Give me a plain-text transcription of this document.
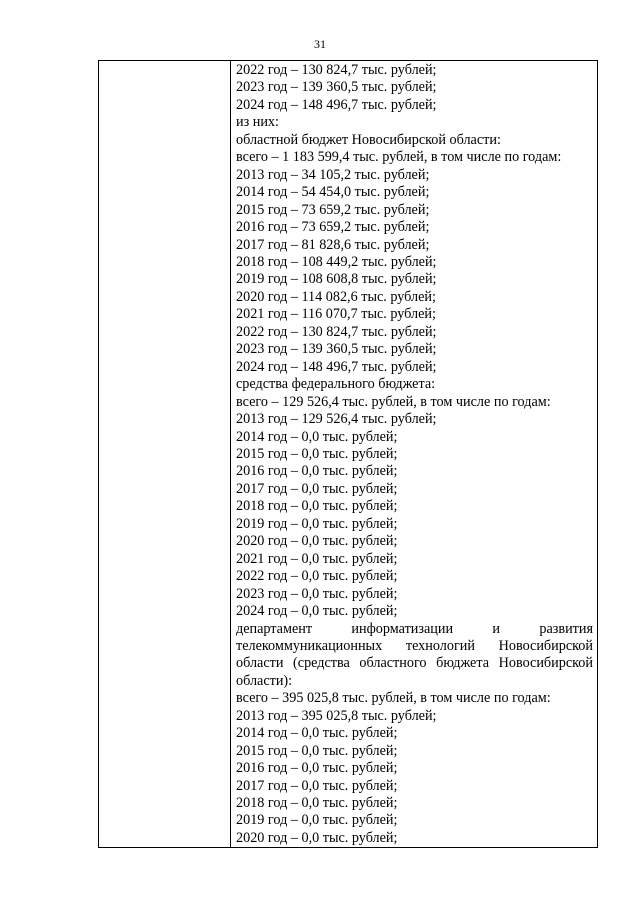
31

2022 год – 130 824,7 тыс. рублей;
2023 год – 139 360,5 тыс. рублей;
2024 год – 148 496,7 тыс. рублей;
из них:
областной бюджет Новосибирской области:
всего – 1 183 599,4 тыс. рублей, в том числе по годам:
2013 год – 34 105,2 тыс. рублей;
2014 год – 54 454,0 тыс. рублей;
2015 год – 73 659,2 тыс. рублей;
2016 год – 73 659,2 тыс. рублей;
2017 год – 81 828,6 тыс. рублей;
2018 год – 108 449,2 тыс. рублей;
2019 год – 108 608,8 тыс. рублей;
2020 год – 114 082,6 тыс. рублей;
2021 год – 116 070,7 тыс. рублей;
2022 год – 130 824,7 тыс. рублей;
2023 год – 139 360,5 тыс. рублей;
2024 год – 148 496,7 тыс. рублей;
средства федерального бюджета:
всего – 129 526,4 тыс. рублей, в том числе по годам:
2013 год – 129 526,4 тыс. рублей;
2014 год – 0,0 тыс. рублей;
2015 год – 0,0 тыс. рублей;
2016 год – 0,0 тыс. рублей;
2017 год – 0,0 тыс. рублей;
2018 год – 0,0 тыс. рублей;
2019 год – 0,0 тыс. рублей;
2020 год – 0,0 тыс. рублей;
2021 год – 0,0 тыс. рублей;
2022 год – 0,0 тыс. рублей;
2023 год – 0,0 тыс. рублей;
2024 год – 0,0 тыс. рублей;
департамент информатизации и развития
телекоммуникационных технологий Новосибирской
области (средства областного бюджета Новосибирской
области):
всего – 395 025,8 тыс. рублей, в том числе по годам:
2013 год – 395 025,8 тыс. рублей;
2014 год – 0,0 тыс. рублей;
2015 год – 0,0 тыс. рублей;
2016 год – 0,0 тыс. рублей;
2017 год – 0,0 тыс. рублей;
2018 год – 0,0 тыс. рублей;
2019 год – 0,0 тыс. рублей;
2020 год – 0,0 тыс. рублей;
